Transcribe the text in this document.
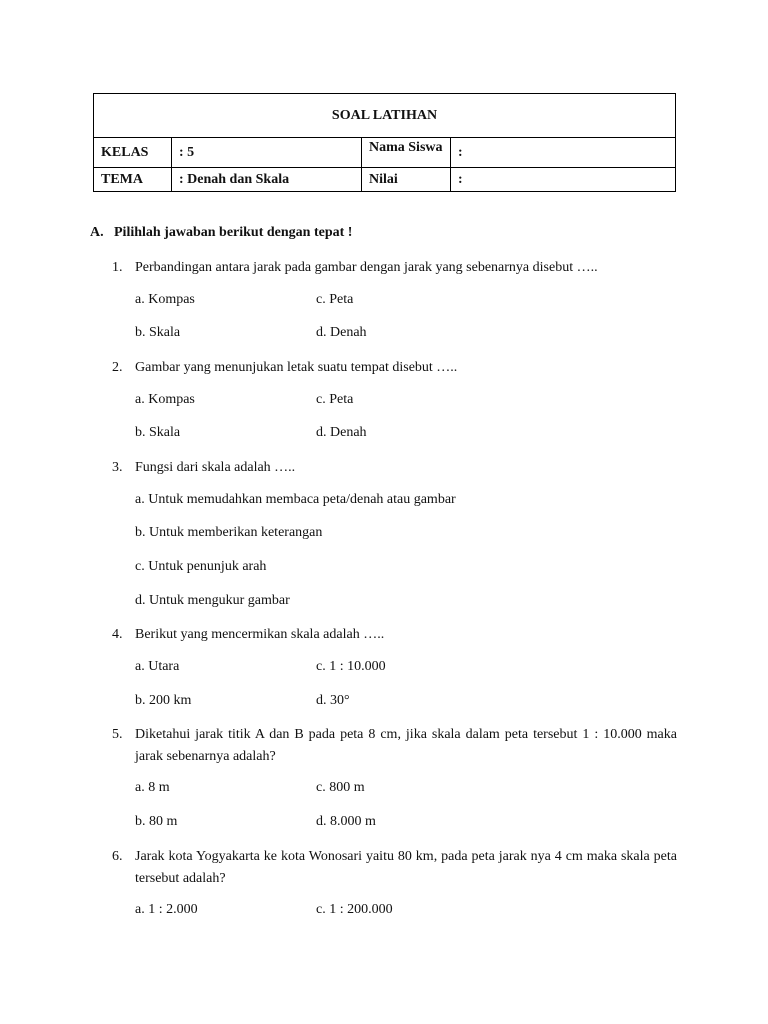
SOAL LATIHAN			
KELAS	: 5	Nama Siswa	:
TEMA	: Denah dan Skala	Nilai	:
A. Pilihlah jawaban berikut dengan tepat !
1. Perbandingan antara jarak pada gambar dengan jarak yang sebenarnya disebut …..
a. Kompas	c. Peta
b. Skala	d. Denah
2. Gambar yang menunjukan letak suatu tempat disebut …..
a. Kompas	c. Peta
b. Skala	d. Denah
3. Fungsi dari skala adalah …..
a. Untuk memudahkan membaca peta/denah atau gambar
b. Untuk memberikan keterangan
c. Untuk penunjuk arah
d. Untuk mengukur gambar
4. Berikut yang mencermikan skala adalah …..
a. Utara	c. 1 : 10.000
b. 200 km	d. 30°
5. Diketahui jarak titik A dan B pada peta 8 cm, jika skala dalam peta tersebut 1 : 10.000 maka jarak sebenarnya adalah?
a. 8 m	c. 800 m
b. 80 m	d. 8.000 m
6. Jarak kota Yogyakarta ke kota Wonosari yaitu 80 km, pada peta jarak nya 4 cm maka skala peta tersebut adalah?
a. 1 : 2.000	c. 1 : 200.000
